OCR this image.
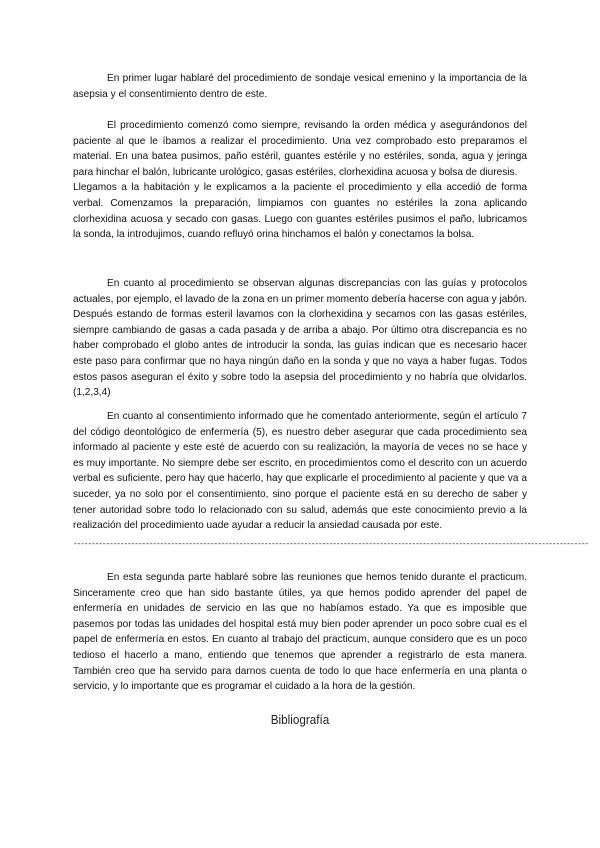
En primer lugar hablaré del procedimiento de sondaje vesical emenino y la importancia de la asepsia y el consentimiento dentro de este.

El procedimiento comenzó como siempre, revisando la orden médica y asegurándonos del paciente al que le íbamos a realizar el procedimiento. Una vez comprobado esto preparamos el material. En una batea pusimos, paño estéril, guantes estérile y no estériles, sonda, agua y jeringa para hinchar el balón, lubricante urológico, gasas estériles, clorhexidina acuosa y bolsa de diuresis.

Llegamos a la habitación y le explicamos a la paciente el procedimiento y ella accedió de forma verbal. Comenzamos la preparación, limpiamos con guantes no estériles la zona aplicando clorhexidina acuosa y secado con gasas. Luego con guantes estériles pusimos el paño, lubricamos la sonda, la introdujimos, cuando refluyó orina hinchamos el balón y conectamos la bolsa.

En cuanto al procedimiento se observan algunas discrepancias con las guías y protocolos actuales, por ejemplo, el lavado de la zona en un primer momento debería hacerse con agua y jabón. Después estando de formas esteril lavamos con la clorhexidina y secamos con las gasas estériles, siempre cambiando de gasas a cada pasada y de arriba a abajo. Por último otra discrepancia es no haber comprobado el globo antes de introducir la sonda, las guías indican que es necesario hacer este paso para confirmar que no haya ningún daño en la sonda y que no vaya a haber fugas. Todos estos pasos aseguran el éxito y sobre todo la asepsia del procedimiento y no habría que olvidarlos. (1,2,3,4)

En cuanto al consentimiento informado que he comentado anteriormente, según el artículo 7 del código deontológico de enfermería (5), es nuestro deber asegurar que cada procedimiento sea informado al paciente y este esté de acuerdo con su realización, la mayoría de veces no se hace y es muy importante. No siempre debe ser escrito, en procedimientos como el descrito con un acuerdo verbal es suficiente, pero hay que hacerlo, hay que explicarle el procedimiento al paciente y que va a suceder, ya no solo por el consentimiento, sino porque el paciente está en su derecho de saber y tener autoridad sobre todo lo relacionado con su salud, además que este conocimiento previo a la realización del procedimiento uade ayudar a reducir la ansiedad causada por este.

-----------------------------------------------------------------------------------------------------------------------------------------------

En esta segunda parte hablaré sobre las reuniones que hemos tenido durante el practicum. Sinceramente creo que han sido bastante útiles, ya que hemos podido aprender del papel de enfermería en unidades de servicio en las que no habíamos estado. Ya que es imposible que pasemos por todas las unidades del hospital está muy bien poder aprender un poco sobre cual es el papel de enfermería en estos. En cuanto al trabajo del practicum, aunque considero que es un poco tedioso el hacerlo a mano, entiendo que tenemos que aprender a registrarlo de esta manera. También creo que ha servido para darnos cuenta de todo lo que hace enfermería en una planta o servicio, y lo importante que es programar el cuidado a la hora de la gestión.

Bibliografía
